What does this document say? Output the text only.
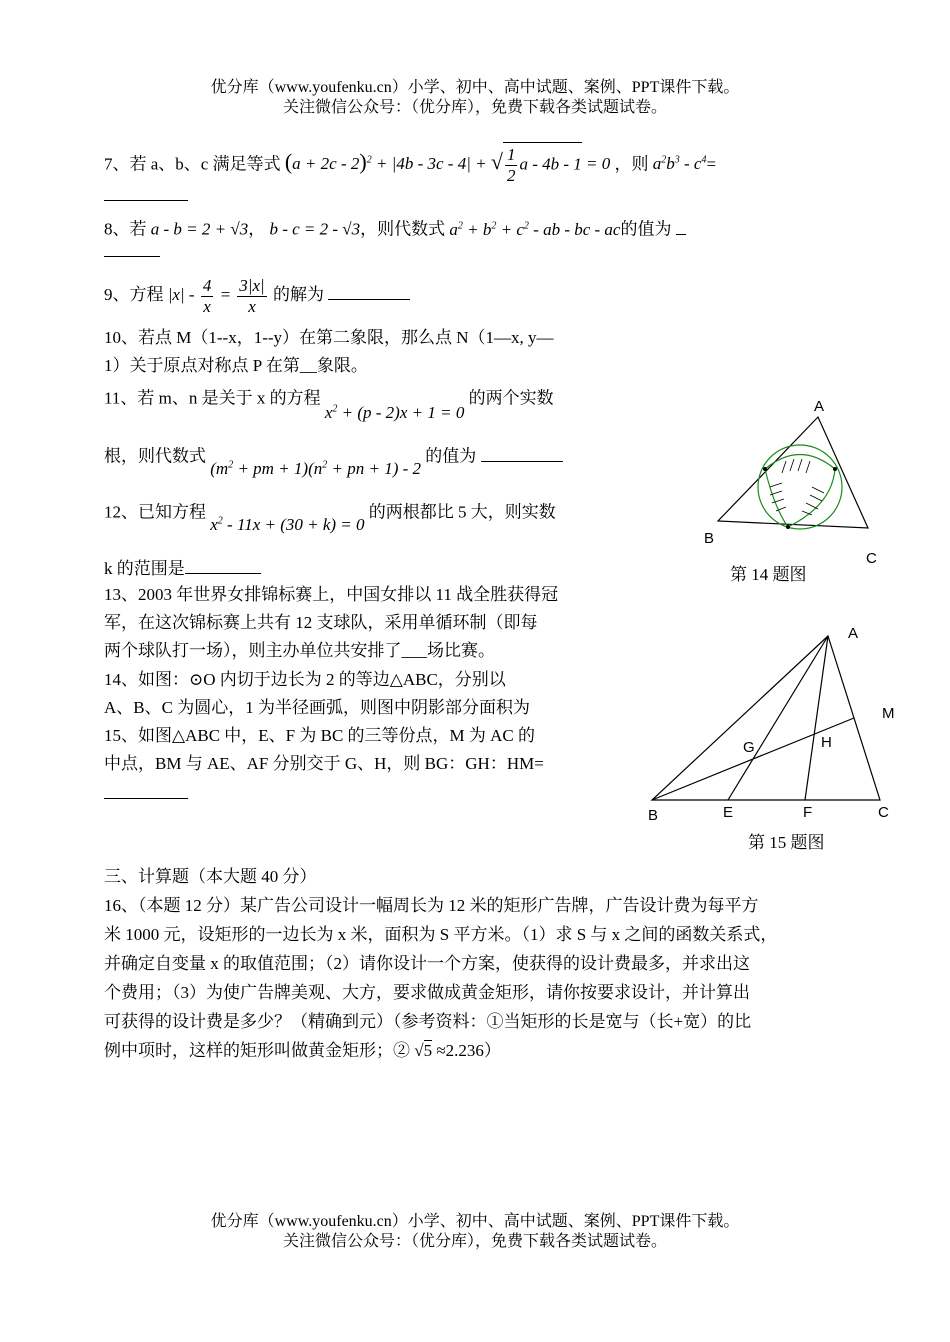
优分库（www.youfenku.cn）小学、初中、高中试题、案例、PPT课件下载。
关注微信公众号：（优分库），免费下载各类试题试卷。
7、若 a、b、c 满足等式 $(a + 2c - 2)^2 + |4b - 3c - 4|$ + √ $\frac{1}{2}$ a - 4b - 1 = 0 ，则 $a^2b^3 - c^4=$
8、若 a - b = 2 + √3， b - c = 2 - √3，则代数式 $a^2 + b^2 + c^2$ - ab - bc - ac的值为
9、方程 $|x| - \frac{4}{x} = \frac{3|x|}{x}$ 的解为
10、若点 M（1--x，1--y）在第二象限，那么点 N（1—x, y—
1）关于原点对称点 P 在第__象限。
11、若 m、n 是关于 x 的方程 $x^2 + (p - 2)x + 1 = 0$ 的两个实数
根，则代数式 ($m^2$ + pm + $1)(n^2$ + pn + 1) - 2 的值为
12、已知方程 $x^2 - 11x + (30 + k) = 0$ 的两根都比 5 大，则实数
k 的范围是
13、2003 年世界女排锦标赛上，中国女排以 11 战全胜获得冠
军，在这次锦标赛上共有 12 支球队，采用单循环制（即每
两个球队打一场），则主办单位共安排了___场比赛。
14、如图：⊙O 内切于边长为 2 的等边△ABC，分别以
A、B、C 为圆心，1 为半径画弧，则图中阴影部分面积为
15、如图△ABC 中，E、F 为 BC 的三等份点，M 为 AC 的
中点，BM 与 AE、AF 分别交于 G、H，则 BG：GH：HM=
三、计算题（本大题 40 分）
16、（本题 12 分）某广告公司设计一幅周长为 12 米的矩形广告牌，广告设计费为每平方
米 1000 元，设矩形的一边长为 x 米，面积为 S 平方米。（1）求 S 与 x 之间的函数关系式，
并确定自变量 x 的取值范围；（2）请你设计一个方案，使获得的设计费最多，并求出这
个费用；（3）为使广告牌美观、大方，要求做成黄金矩形，请你按要求设计，并计算出
可获得的设计费是多少？（精确到元）（参考资料：①当矩形的长是宽与（长+宽）的比
例中项时，这样的矩形叫做黄金矩形；② √5 ≈2.236）
A
B
C
第 14 题图
A
M
G	H
B	E	F	C
第 15 题图
优分库（www.youfenku.cn）小学、初中、高中试题、案例、PPT课件下载。
关注微信公众号：（优分库），免费下载各类试题试卷。
